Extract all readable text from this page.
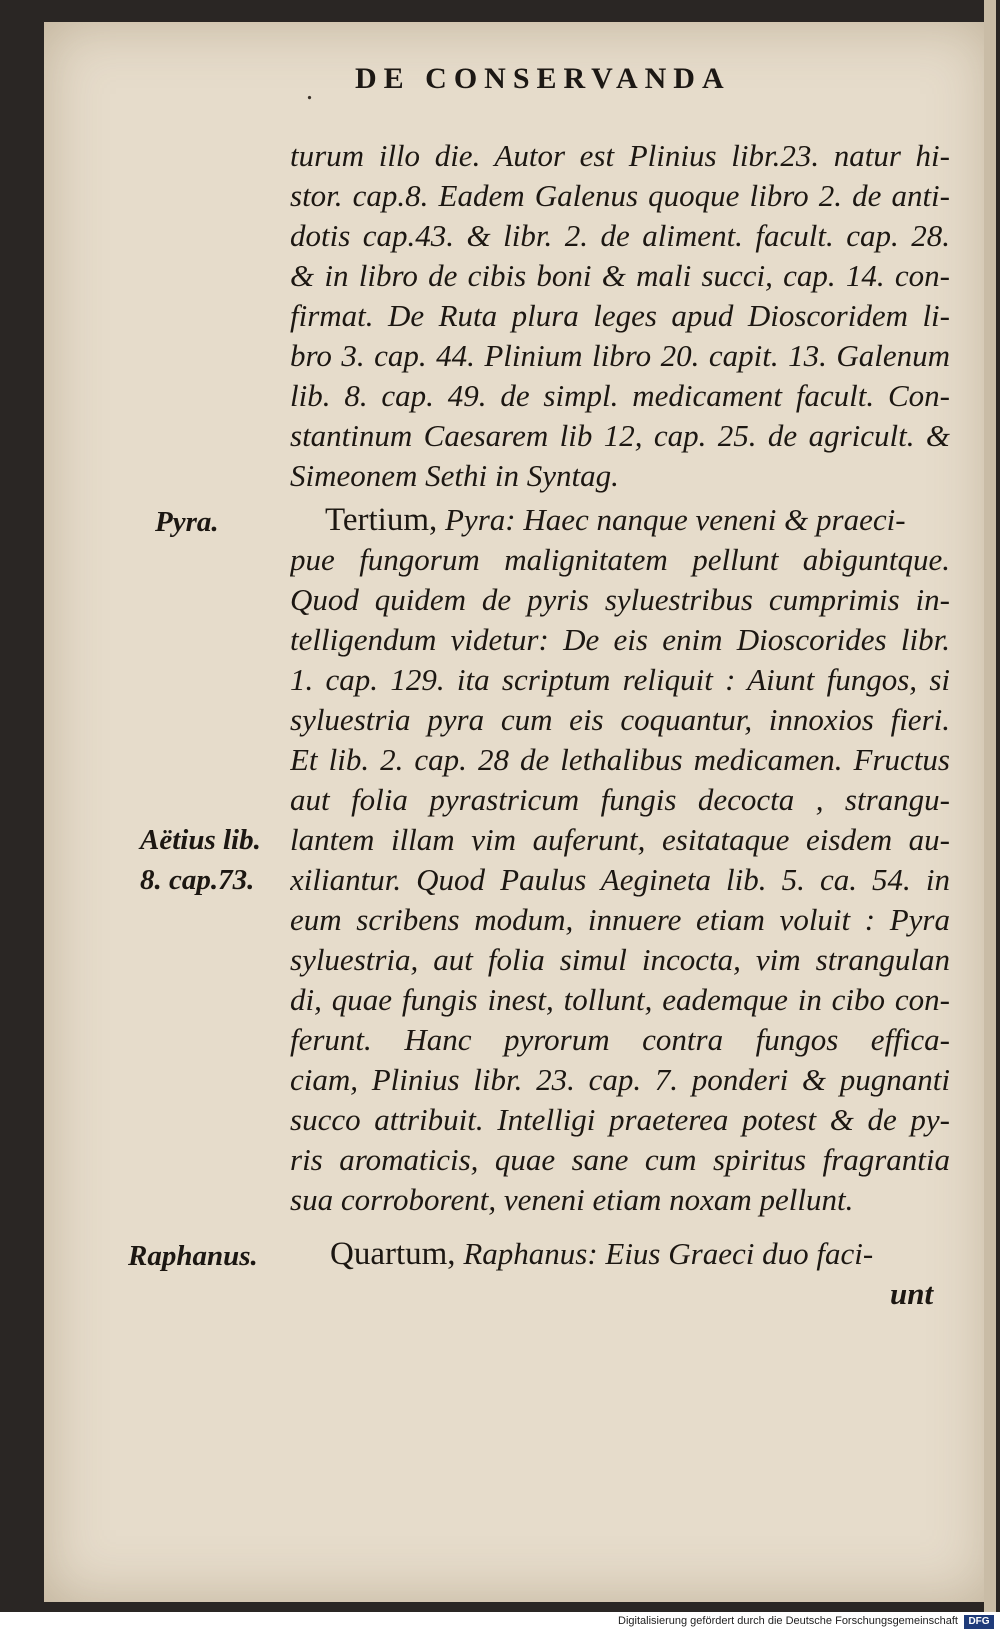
. DE CONSERVANDA
Pyra.
Aëtius lib.
8. cap.73.
Raphanus.
turum illo die. Autor est Plinius libr.23. natur hi-
stor. cap.8. Eadem Galenus quoque libro 2. de anti-
dotis cap.43. & libr. 2. de aliment. facult. cap. 28.
& in libro de cibis boni & mali succi, cap. 14. con-
firmat. De Ruta plura leges apud Dioscoridem li-
bro 3. cap. 44. Plinium libro 20. capit. 13. Galenum
lib. 8. cap. 49. de simpl. medicament facult. Con-
stantinum Caesarem lib 12, cap. 25. de agricult. &
Simeonem Sethi in Syntag.
Tertium, Pyra: Haec nanque veneni & praeci-
pue fungorum malignitatem pellunt abiguntque.
Quod quidem de pyris syluestribus cumprimis in-
telligendum videtur: De eis enim Dioscorides libr.
1. cap. 129. ita scriptum reliquit : Aiunt fungos, si
syluestria pyra cum eis coquantur, innoxios fieri.
Et lib. 2. cap. 28 de lethalibus medicamen. Fructus
aut folia pyrastricum fungis decocta , strangu-
lantem illam vim auferunt, esitataque eisdem au-
xiliantur. Quod Paulus Aegineta lib. 5. ca. 54. in
eum scribens modum, innuere etiam voluit : Pyra
syluestria, aut folia simul incocta, vim strangulan
di, quae fungis inest, tollunt, eademque in cibo con-
ferunt. Hanc pyrorum contra fungos effica-
ciam, Plinius libr. 23. cap. 7. ponderi & pugnanti
succo attribuit. Intelligi praeterea potest & de py-
ris aromaticis, quae sane cum spiritus fragrantia
sua corroborent, veneni etiam noxam pellunt.
Quartum, Raphanus: Eius Graeci duo faci-
unt
Digitalisierung gefördert durch die Deutsche Forschungsgemeinschaft	DFG
